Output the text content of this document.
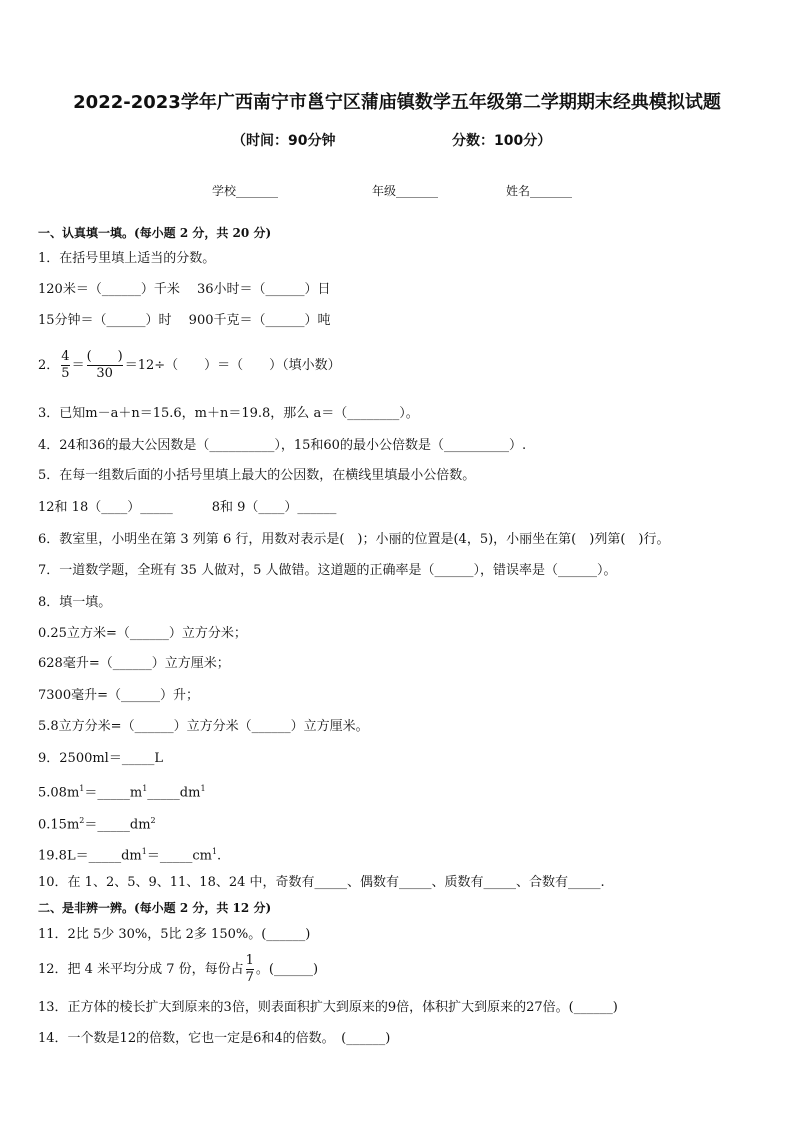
2022-2023学年广西南宁市邕宁区蒲庙镇数学五年级第二学期期末经典模拟试题
（时间：90分钟	分数：100分）
学校_______	年级_______	姓名_______
一、认真填一填。(每小题 2 分，共 20 分)
1．在括号里填上适当的分数。
120米＝（______）千米　 36小时＝（______）日
15分钟＝（______）时　 900千克＝（______）吨
2． $\frac{4}{5} = \frac{( )}{30} =12\div$（　　）＝（　　）（填小数）
3．已知m－a＋n＝15.6，m＋n＝19.8，那么 a＝（________）。
4．24和36的最大公因数是（__________），15和60的最小公倍数是（__________）.
5．在每一组数后面的小括号里填上最大的公因数，在横线里填最小公倍数。
12和 18（____）_____　　　8和 9（____）______
6．教室里，小明坐在第 3 列第 6 行，用数对表示是(　)；小丽的位置是(4，5)，小丽坐在第(　)列第(　)行。
7．一道数学题，全班有 35 人做对，5 人做错。这道题的正确率是（______），错误率是（______）。
8．填一填。
0.25立方米=（______）立方分米；
628毫升=（______）立方厘米；
7300毫升=（______）升；
5.8立方分米=（______）立方分米（______）立方厘米。
9．2500ml＝_____L
$5.08m^1=\_\_\_\_\_m^1\_\_\_\_\_dm^1$
$0.15m^2=\_\_\_\_\_dm^2$
$19.8L=\_\_\_\_\_dm^1=\_\_\_\_\_cm^1$.
10．在 1、2、5、9、11、18、24 中，奇数有_____、偶数有_____、质数有_____、合数有_____.
二、是非辨一辨。(每小题 2 分，共 12 分)
11．2比 5少 30%，5比 2多 150%。(______)
12．把 4 米平均分成 7 份，每份占 $\frac{1}{7}$ 。(______)
13．正方体的棱长扩大到原来的3倍，则表面积扩大到原来的9倍，体积扩大到原来的27倍。(______)
14．一个数是12的倍数，它也一定是6和4的倍数。　(______)
